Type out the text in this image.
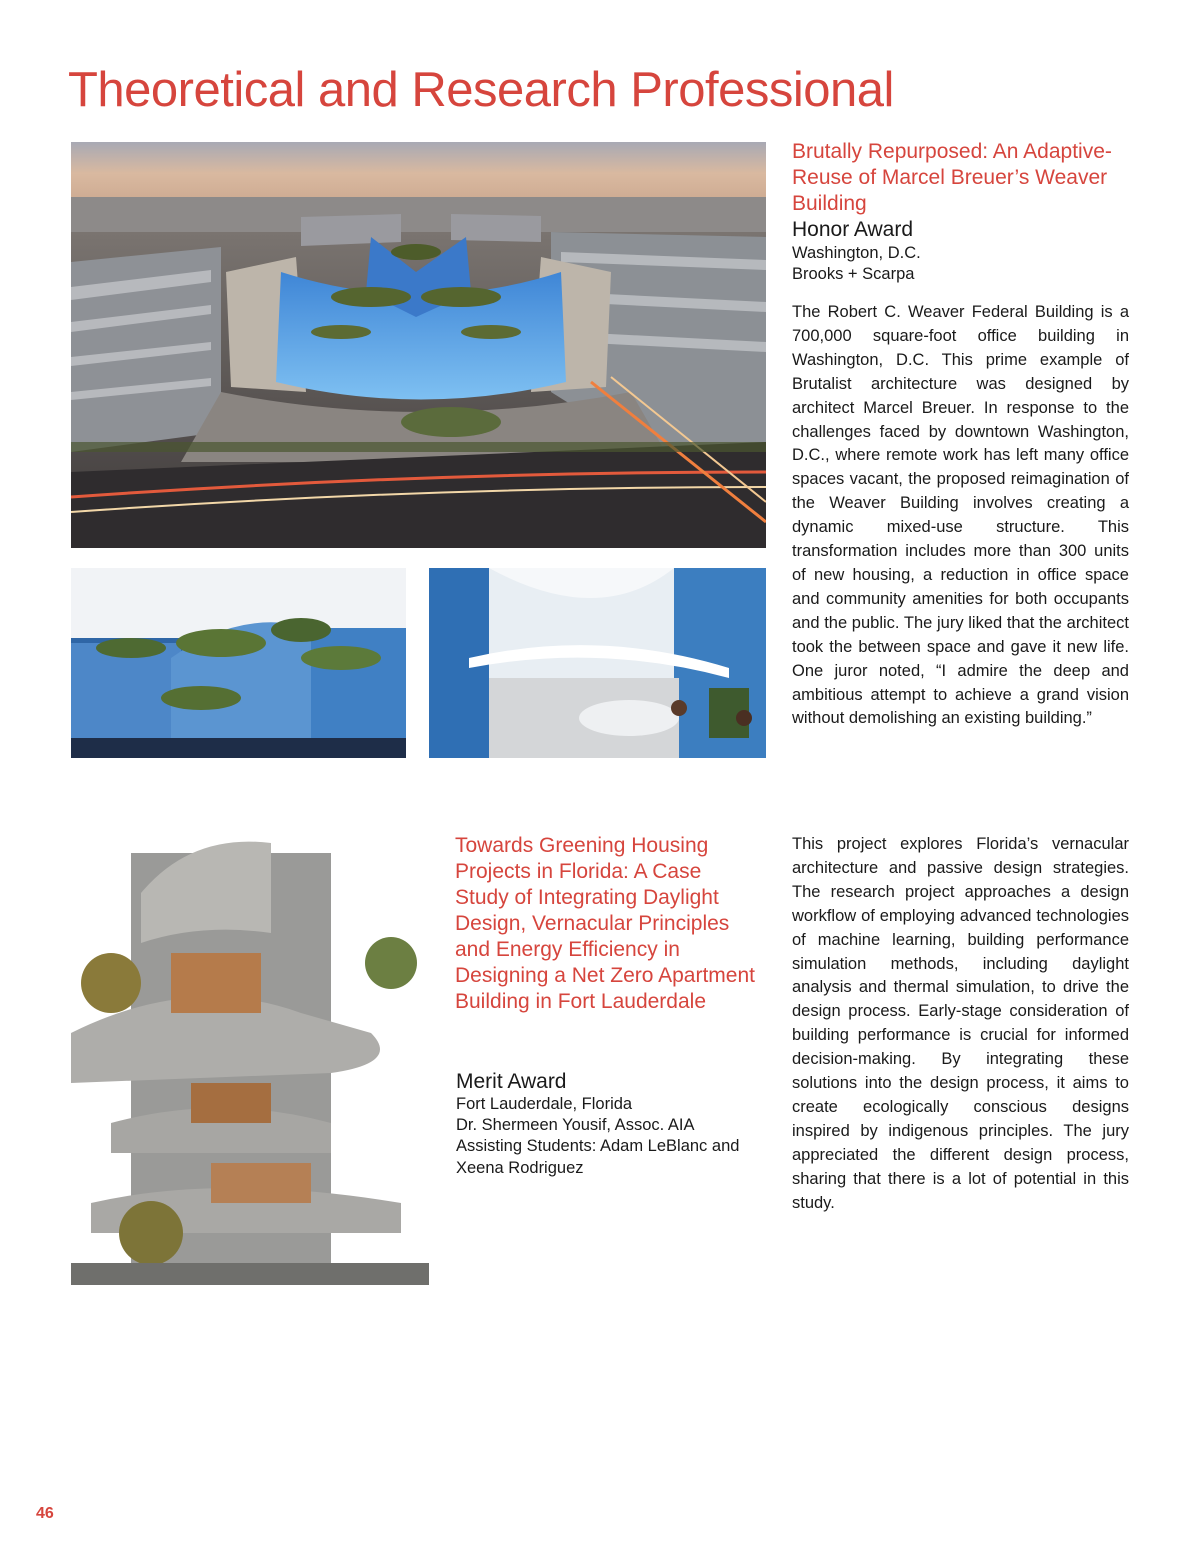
Theoretical and Research Professional
Brutally Repurposed: An Adaptive-Reuse of Marcel Breuer’s Weaver Building
Honor Award
Washington, D.C.
Brooks + Scarpa

The Robert C. Weaver Federal Building is a 700,000 square-foot office building in Washington, D.C. This prime example of Brutalist architecture was designed by architect Marcel Breuer. In response to the challenges faced by downtown Washington, D.C., where remote work has left many office spaces vacant, the proposed reimagination of the Weaver Building involves creating a dynamic mixed-use structure. This transformation includes more than 300 units of new housing, a reduction in office space and community amenities for both occupants and the public. The jury liked that the architect took the between space and gave it new life. One juror noted, “I admire the deep and ambitious attempt to achieve a grand vision without demolishing an existing building.”

Towards Greening Housing Projects in Florida: A Case Study of Integrating Daylight Design, Vernacular Principles and Energy Efficiency in Designing a Net Zero Apartment Building in Fort Lauderdale
Merit Award
Fort Lauderdale, Florida
Dr. Shermeen Yousif, Assoc. AIA
Assisting Students: Adam LeBlanc and Xeena Rodriguez

This project explores Florida’s vernacular architecture and passive design strategies. The research project approaches a design workflow of employing advanced technologies of machine learning, building performance simulation methods, including daylight analysis and thermal simulation, to drive the design process. Early-stage consideration of building performance is crucial for informed decision-making. By integrating these solutions into the design process, it aims to create ecologically conscious designs inspired by indigenous principles. The jury appreciated the different design process, sharing that there is a lot of potential in this study.

46
